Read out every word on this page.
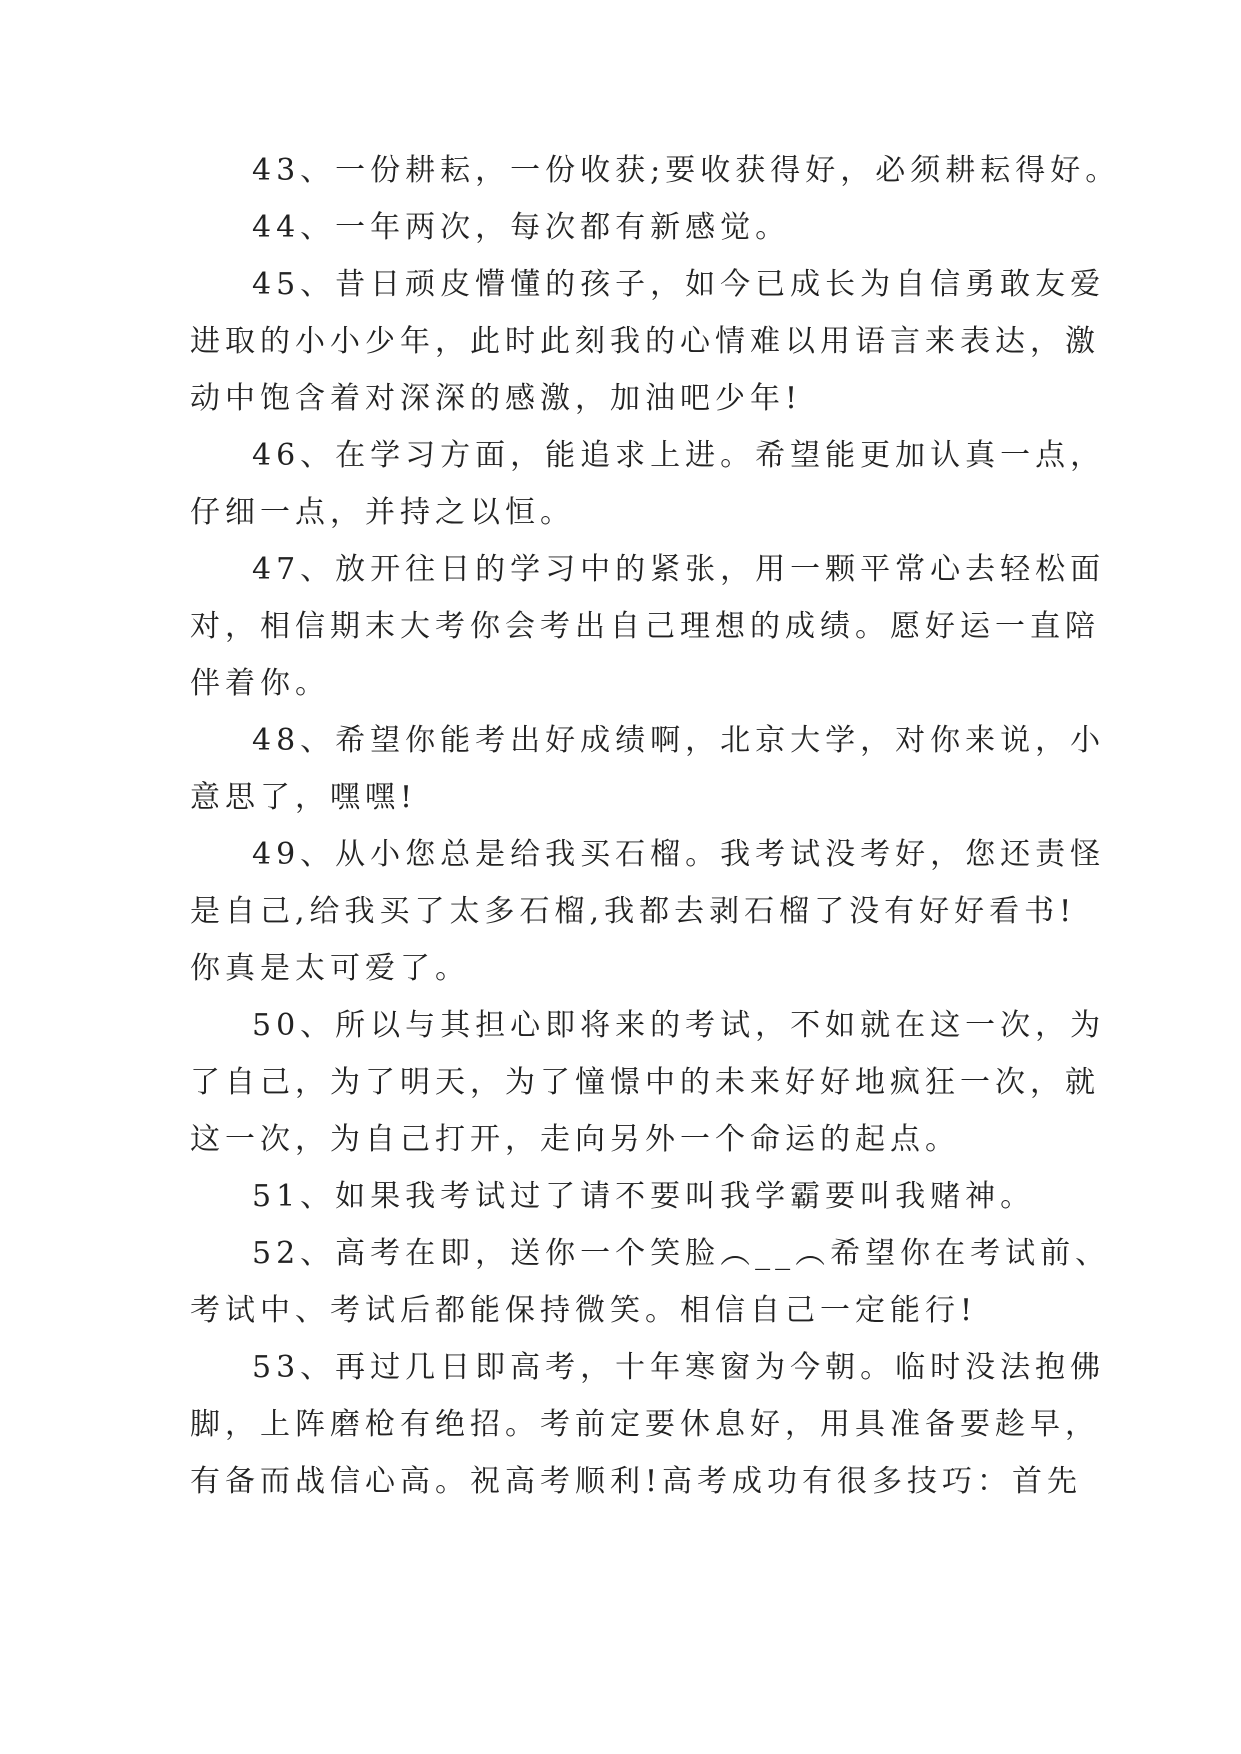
43、一份耕耘，一份收获;要收获得好，必须耕耘得好。
44、一年两次，每次都有新感觉。
45、昔日顽皮懵懂的孩子，如今已成长为自信勇敢友爱
进取的小小少年，此时此刻我的心情难以用语言来表达，激
动中饱含着对深深的感激，加油吧少年!
46、在学习方面，能追求上进。希望能更加认真一点，
仔细一点，并持之以恒。
47、放开往日的学习中的紧张，用一颗平常心去轻松面
对，相信期末大考你会考出自己理想的成绩。愿好运一直陪
伴着你。
48、希望你能考出好成绩啊，北京大学，对你来说，小
意思了，嘿嘿!
49、从小您总是给我买石榴。我考试没考好，您还责怪
是自己,给我买了太多石榴,我都去剥石榴了没有好好看书!
你真是太可爱了。
50、所以与其担心即将来的考试，不如就在这一次，为
了自己，为了明天，为了憧憬中的未来好好地疯狂一次，就
这一次，为自己打开，走向另外一个命运的起点。
51、如果我考试过了请不要叫我学霸要叫我赌神。
52、高考在即，送你一个笑脸︵__︵希望你在考试前、
考试中、考试后都能保持微笑。相信自己一定能行!
53、再过几日即高考，十年寒窗为今朝。临时没法抱佛
脚，上阵磨枪有绝招。考前定要休息好，用具准备要趁早，
有备而战信心高。祝高考顺利!高考成功有很多技巧：首先
